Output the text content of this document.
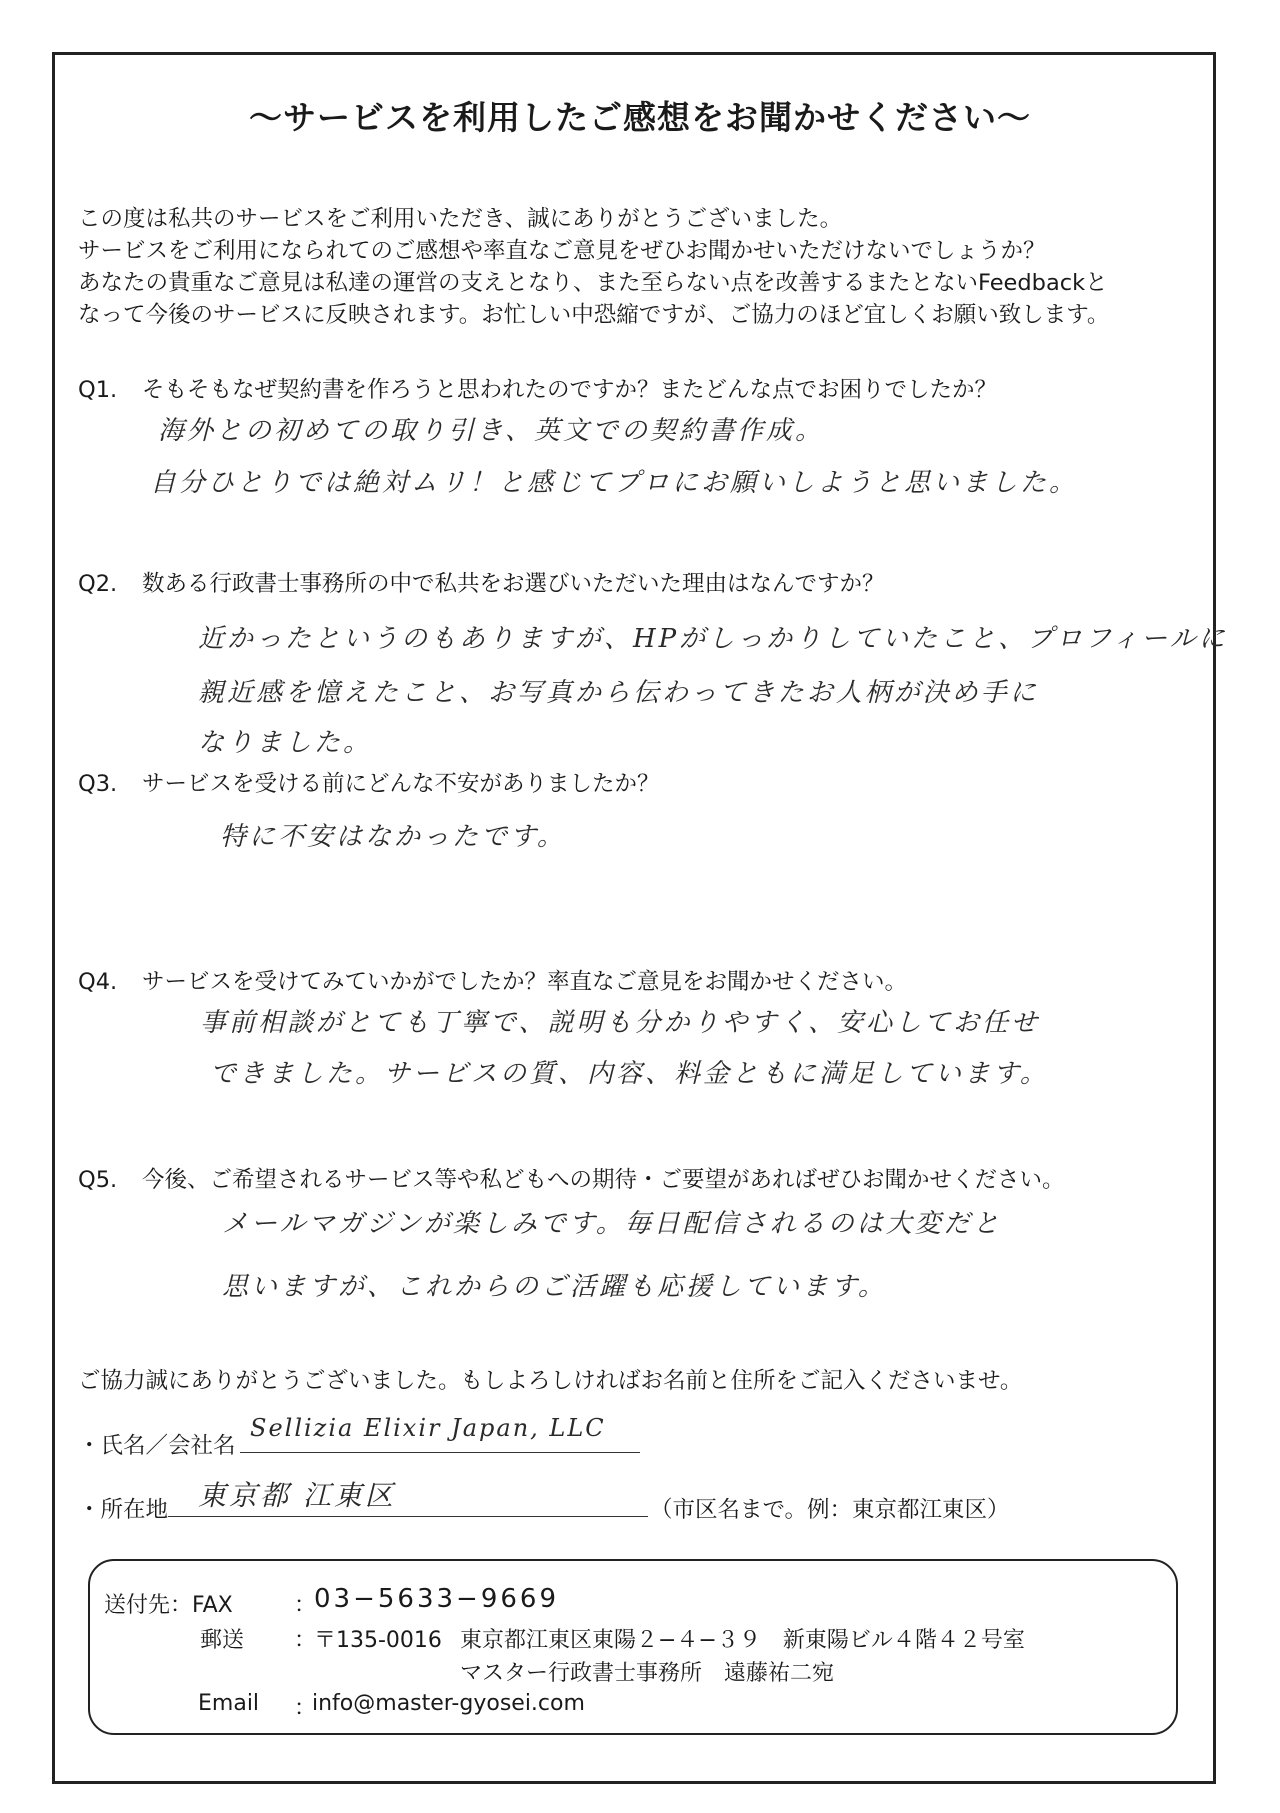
〜サービスを利用したご感想をお聞かせください〜
この度は私共のサービスをご利用いただき、誠にありがとうございました。
サービスをご利用になられてのご感想や率直なご意見をぜひお聞かせいただけないでしょうか？
あなたの貴重なご意見は私達の運営の支えとなり、また至らない点を改善するまたとないFeedbackと
なって今後のサービスに反映されます。お忙しい中恐縮ですが、ご協力のほど宜しくお願い致します。
Q1. そもそもなぜ契約書を作ろうと思われたのですか？またどんな点でお困りでしたか？
海外との初めての取り引き、英文での契約書作成。
自分ひとりでは絶対ムリ！と感じてプロにお願いしようと思いました。
Q2. 数ある行政書士事務所の中で私共をお選びいただいた理由はなんですか？
近かったというのもありますが、HPがしっかりしていたこと、プロフィールに
親近感を憶えたこと、お写真から伝わってきたお人柄が決め手に
なりました。
Q3. サービスを受ける前にどんな不安がありましたか？
特に不安はなかったです。
Q4. サービスを受けてみていかがでしたか？率直なご意見をお聞かせください。
事前相談がとても丁寧で、説明も分かりやすく、安心してお任せ
できました。サービスの質、内容、料金ともに満足しています。
Q5. 今後、ご希望されるサービス等や私どもへの期待・ご要望があればぜひお聞かせください。
メールマガジンが楽しみです。毎日配信されるのは大変だと
思いますが、これからのご活躍も応援しています。
ご協力誠にありがとうございました。もしよろしければお名前と住所をご記入くださいませ。
・氏名／会社名
Sellizia Elixir Japan, LLC
・所在地 東京都 江東区	（市区名まで。例：東京都江東区）
送付先：FAX	：
03−5633−9669
郵送 ：
〒135-0016 東京都江東区東陽２−４−３９　新東陽ビル４階４２号室
マスター行政書士事務所　遠藤祐二宛
Email ：
info@master-gyosei.com
